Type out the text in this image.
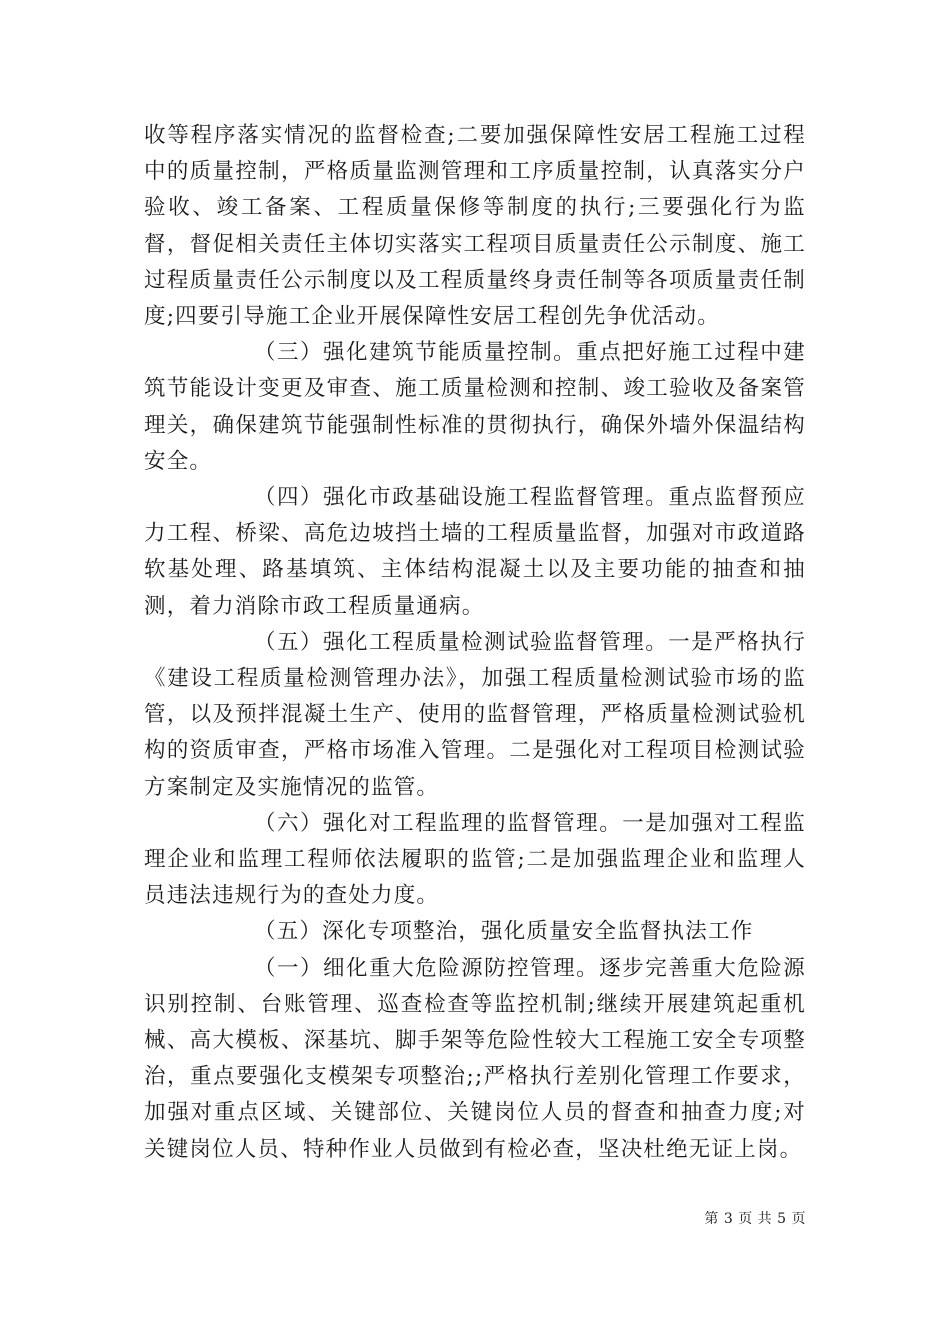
收等程序落实情况的监督检查;二要加强保障性安居工程施工过程中的质量控制，严格质量监测管理和工序质量控制，认真落实分户验收、竣工备案、工程质量保修等制度的执行;三要强化行为监督，督促相关责任主体切实落实工程项目质量责任公示制度、施工过程质量责任公示制度以及工程质量终身责任制等各项质量责任制度;四要引导施工企业开展保障性安居工程创先争优活动。

（三）强化建筑节能质量控制。重点把好施工过程中建筑节能设计变更及审查、施工质量检测和控制、竣工验收及备案管理关，确保建筑节能强制性标准的贯彻执行，确保外墙外保温结构安全。

（四）强化市政基础设施工程监督管理。重点监督预应力工程、桥梁、高危边坡挡土墙的工程质量监督，加强对市政道路软基处理、路基填筑、主体结构混凝土以及主要功能的抽查和抽测，着力消除市政工程质量通病。

（五）强化工程质量检测试验监督管理。一是严格执行《建设工程质量检测管理办法》，加强工程质量检测试验市场的监管，以及预拌混凝土生产、使用的监督管理，严格质量检测试验机构的资质审查，严格市场准入管理。二是强化对工程项目检测试验方案制定及实施情况的监管。

（六）强化对工程监理的监督管理。一是加强对工程监理企业和监理工程师依法履职的监管;二是加强监理企业和监理人员违法违规行为的查处力度。

（五）深化专项整治，强化质量安全监督执法工作

（一）细化重大危险源防控管理。逐步完善重大危险源识别控制、台账管理、巡查检查等监控机制;继续开展建筑起重机械、高大模板、深基坑、脚手架等危险性较大工程施工安全专项整治，重点要强化支模架专项整治;;严格执行差别化管理工作要求，加强对重点区域、关键部位、关键岗位人员的督查和抽查力度;对关键岗位人员、特种作业人员做到有检必查，坚决杜绝无证上岗。

第 3 页 共 5 页
